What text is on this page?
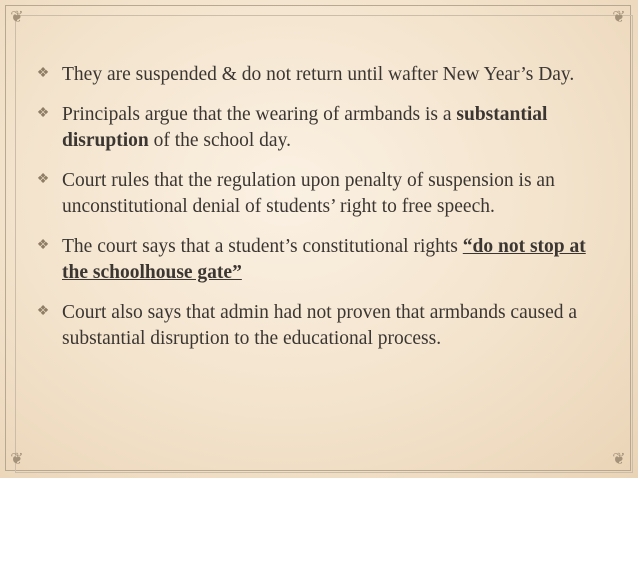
❦	❦
❦	❦
❖ They are suspended & do not return until wafter New Year’s Day.
❖ Principals argue that the wearing of armbands is a substantial disruption of the school day.
❖ Court rules that the regulation upon penalty of suspension is an unconstitutional denial of students’ right to free speech.
❖ The court says that a student’s constitutional rights “do not stop at the schoolhouse gate”
❖ Court also says that admin had not proven that armbands caused a substantial disruption to the educational process.
